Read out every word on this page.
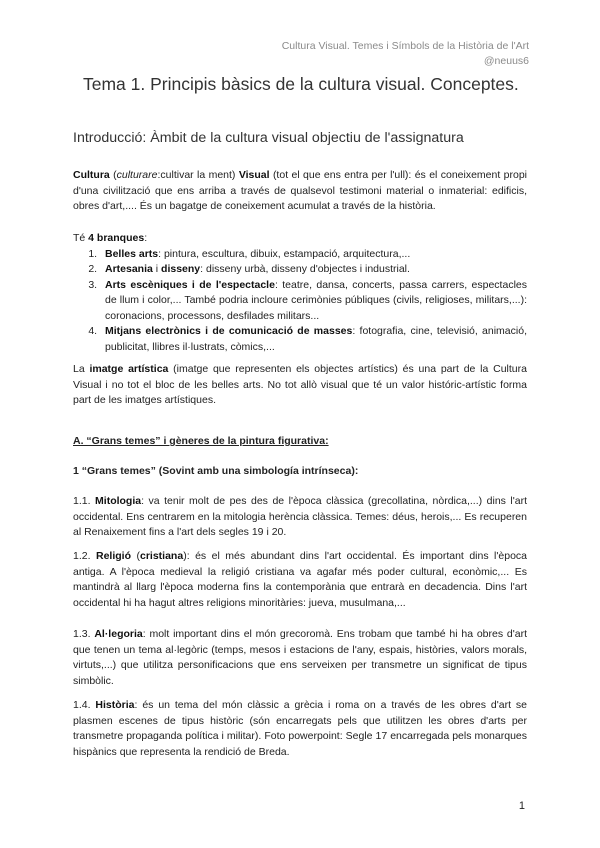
Cultura Visual. Temes i Símbols de la Història de l'Art
@neuus6
Tema 1. Principis bàsics de la cultura visual. Conceptes.
Introducció: Àmbit de la cultura visual objectiu de l'assignatura
Cultura (culturare:cultivar la ment) Visual (tot el que ens entra per l'ull): és el coneixement propi d'una civilització que ens arriba a través de qualsevol testimoni material o inmaterial: edificis, obres d'art,.... És un bagatge de coneixement acumulat a través de la història.
Té 4 branques:
1. Belles arts: pintura, escultura, dibuix, estampació, arquitectura,...
2. Artesania i disseny: disseny urbà, disseny d'objectes i industrial.
3. Arts escèniques i de l'espectacle: teatre, dansa, concerts, passa carrers, espectacles de llum i color,... També podria incloure cerimònies públiques (civils, religioses, militars,...): coronacions, processons, desfilades militars...
4. Mitjans electrònics i de comunicació de masses: fotografia, cine, televisió, animació, publicitat, llibres il·lustrats, còmics,...
La imatge artística (imatge que representen els objectes artístics) és una part de la Cultura Visual i no tot el bloc de les belles arts. No tot allò visual que té un valor históric-artístic forma part de les imatges artístiques.
A. “Grans temes” i gèneres de la pintura figurativa:
1 “Grans temes” (Sovint amb una simbología intrínseca):
1.1. Mitologia: va tenir molt de pes des de l'època clàssica (grecollatina, nòrdica,...) dins l'art occidental. Ens centrarem en la mitologia herència clàssica. Temes: déus, herois,... Es recuperen al Renaixement fins a l'art dels segles 19 i 20.
1.2. Religió (cristiana): és el més abundant dins l'art occidental. És important dins l'època antiga. A l'època medieval la religió cristiana va agafar més poder cultural, econòmic,... Es mantindrà al llarg l'època moderna fins la contemporània que entrarà en decadencia. Dins l'art occidental hi ha hagut altres religions minoritàries: jueva, musulmana,...
1.3. Al·legoria: molt important dins el món grecoromà. Ens trobam que també hi ha obres d'art que tenen un tema al·legòric (temps, mesos i estacions de l'any, espais, històries, valors morals, virtuts,...) que utilitza personificacions que ens serveixen per transmetre un significat de tipus simbòlic.
1.4. Història: és un tema del món clàssic a grècia i roma on a través de les obres d'art se plasmen escenes de tipus històric (són encarregats pels que utilitzen les obres d'arts per transmetre propaganda política i militar). Foto powerpoint: Segle 17 encarregada pels monarques hispànics que representa la rendició de Breda.
1
